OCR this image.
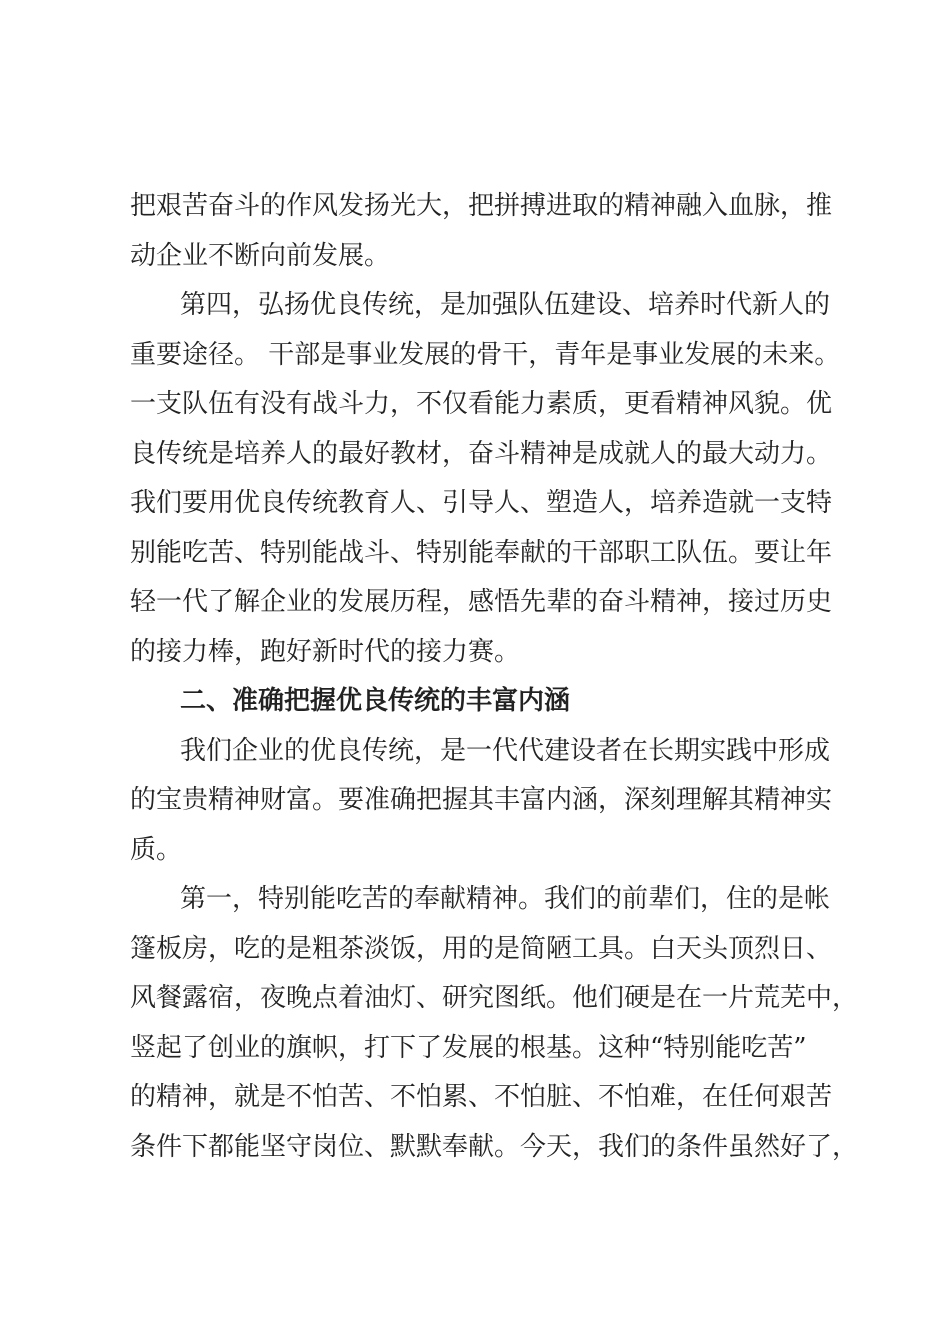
把艰苦奋斗的作风发扬光大，把拼搏进取的精神融入血脉，推
动企业不断向前发展。
第四，弘扬优良传统，是加强队伍建设、培养时代新人的
重要途径。 干部是事业发展的骨干，青年是事业发展的未来。
一支队伍有没有战斗力，不仅看能力素质，更看精神风貌。优
良传统是培养人的最好教材，奋斗精神是成就人的最大动力。
我们要用优良传统教育人、引导人、塑造人，培养造就一支特
别能吃苦、特别能战斗、特别能奉献的干部职工队伍。要让年
轻一代了解企业的发展历程，感悟先辈的奋斗精神，接过历史
的接力棒，跑好新时代的接力赛。
二、准确把握优良传统的丰富内涵
我们企业的优良传统，是一代代建设者在长期实践中形成
的宝贵精神财富。要准确把握其丰富内涵，深刻理解其精神实
质。
第一，特别能吃苦的奉献精神。我们的前辈们，住的是帐
篷板房，吃的是粗茶淡饭，用的是简陋工具。白天头顶烈日、
风餐露宿，夜晚点着油灯、研究图纸。他们硬是在一片荒芜中，
竖起了创业的旗帜，打下了发展的根基。这种“特别能吃苦”
的精神，就是不怕苦、不怕累、不怕脏、不怕难，在任何艰苦
条件下都能坚守岗位、默默奉献。今天，我们的条件虽然好了，
